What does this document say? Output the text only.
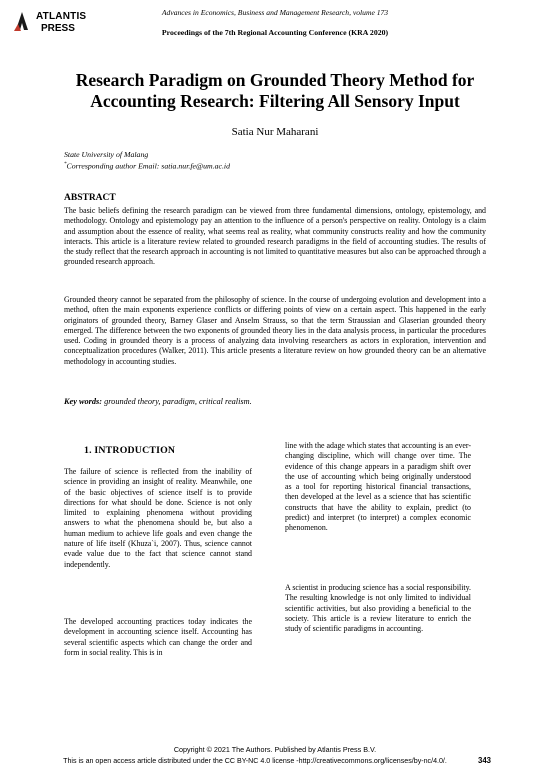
ATLANTIS
PRESS
Advances in Economics, Business and Management Research, volume 173
Proceedings of the 7th Regional Accounting Conference (KRA 2020)
Research Paradigm on Grounded Theory Method for
Accounting Research: Filtering All Sensory Input
Satia Nur Maharani
State University of Malang
*Corresponding author Email: satia.nur.fe@um.ac.id
ABSTRACT
The basic beliefs defining the research paradigm can be viewed from three fundamental dimensions, ontology, epistemology, and methodology. Ontology and epistemology pay an attention to the influence of a person's perspective on reality. Ontology is a claim and assumption about the essence of reality, what seems real as reality, what community constructs reality and how the community interacts. This article is a literature review related to grounded research paradigms in the field of accounting studies. The results of the study reflect that the research approach in accounting is not limited to quantitative measures but also can be approached through a grounded research approach.
Grounded theory cannot be separated from the philosophy of science. In the course of undergoing evolution and development into a method, often the main exponents experience conflicts or differing points of view on a certain aspect. This happened in the early originators of grounded theory, Barney Glaser and Anselm Strauss, so that the term Straussian and Glaserian grounded theory emerged. The difference between the two exponents of grounded theory lies in the data analysis process, in particular the procedures used. Coding in grounded theory is a process of analyzing data involving researchers as actors in exploration, intervention and conceptualization procedures (Walker, 2011). This article presents a literature review on how grounded theory can be an alternative methodology in accounting studies.
Key words: grounded theory, paradigm, critical realism.
1. INTRODUCTION
The failure of science is reflected from the inability of science in providing an insight of reality. Meanwhile, one of the basic objectives of science itself is to provide directions for what should be done. Science is not only limited to explaining phenomena without providing answers to what the phenomena should be, but also a human medium to achieve life goals and even change the nature of life itself (Khuza`i, 2007). Thus, science cannot evade value due to the fact that science cannot stand independently.
The developed accounting practices today indicates the development in accounting science itself. Accounting has several scientific aspects which can change the order and form in social reality. This is in
line with the adage which states that accounting is an ever-changing discipline, which will change over time. The evidence of this change appears in a paradigm shift over the use of accounting which being originally understood as a tool for reporting historical financial transactions, then developed at the level as a science that has scientific constructs that have the ability to explain, predict (to predict) and interpret (to interpret) a complex economic phenomenon.
A scientist in producing science has a social responsibility. The resulting knowledge is not only limited to individual scientific activities, but also providing a beneficial to the society. This article is a review literature to enrich the study of scientific paradigms in accounting.
Copyright © 2021 The Authors. Published by Atlantis Press B.V.
This is an open access article distributed under the CC BY-NC 4.0 license -http://creativecommons.org/licenses/by-nc/4.0/.	343
